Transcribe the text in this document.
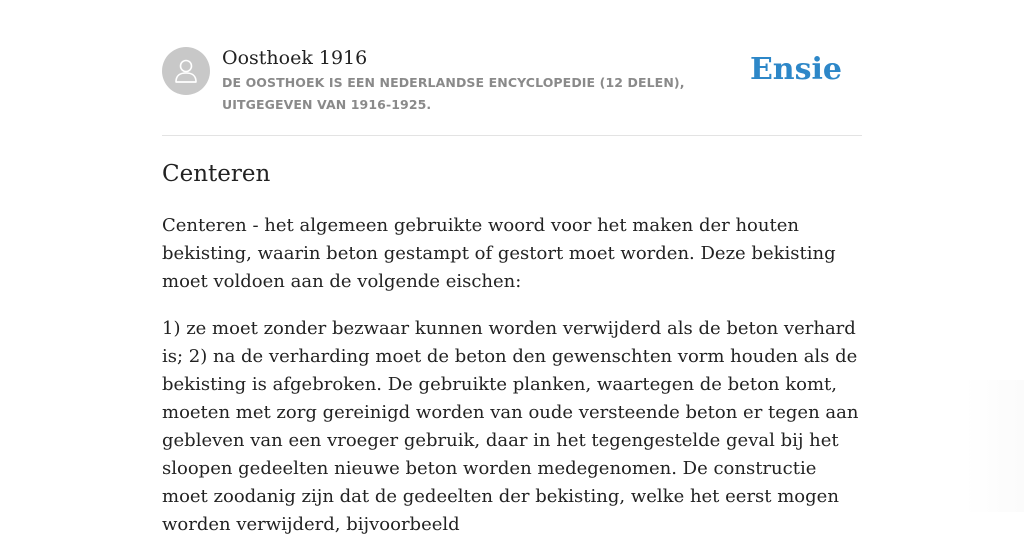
Oosthoek 1916
DE OOSTHOEK IS EEN NEDERLANDSE ENCYCLOPEDIE (12 DELEN), UITGEGEVEN VAN 1916-1925.
Ensie
Centeren

Centeren - het algemeen gebruikte woord voor het maken der houten bekisting, waarin beton gestampt of gestort moet worden. Deze bekisting moet voldoen aan de volgende eischen:

1) ze moet zonder bezwaar kunnen worden verwijderd als de beton verhard is; 2) na de verharding moet de beton den gewenschten vorm houden als de bekisting is afgebroken. De gebruikte planken, waartegen de beton komt, moeten met zorg gereinigd worden van oude versteende beton er tegen aan gebleven van een vroeger gebruik, daar in het tegengestelde geval bij het sloopen gedeelten nieuwe beton worden medegenomen. De constructie moet zoodanig zijn dat de gedeelten der bekisting, welke het eerst mogen worden verwijderd, bijvoorbeeld
